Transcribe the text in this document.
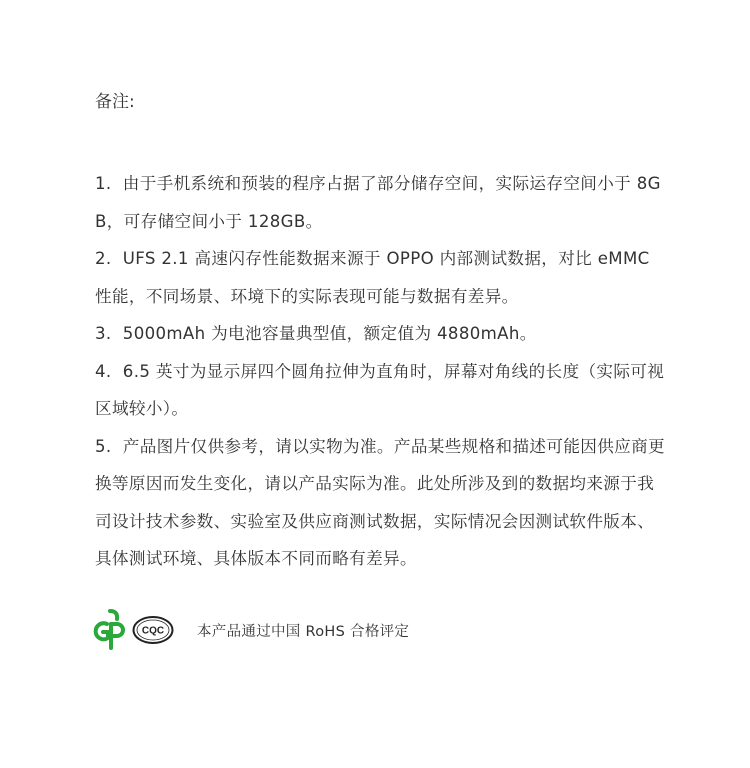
备注:
1.  由于手机系统和预装的程序占据了部分储存空间，实际运存空间小于 8GB，可存储空间小于 128GB。
2.  UFS 2.1 高速闪存性能数据来源于 OPPO 内部测试数据，对比 eMMC 性能，不同场景、环境下的实际表现可能与数据有差异。
3.  5000mAh 为电池容量典型值，额定值为 4880mAh。
4.  6.5 英寸为显示屏四个圆角拉伸为直角时，屏幕对角线的长度（实际可视区域较小）。
5.  产品图片仅供参考，请以实物为准。产品某些规格和描述可能因供应商更换等原因而发生变化，请以产品实际为准。此处所涉及到的数据均来源于我司设计技术参数、实验室及供应商测试数据，实际情况会因测试软件版本、具体测试环境、具体版本不同而略有差异。
CQC 本产品通过中国 RoHS 合格评定
